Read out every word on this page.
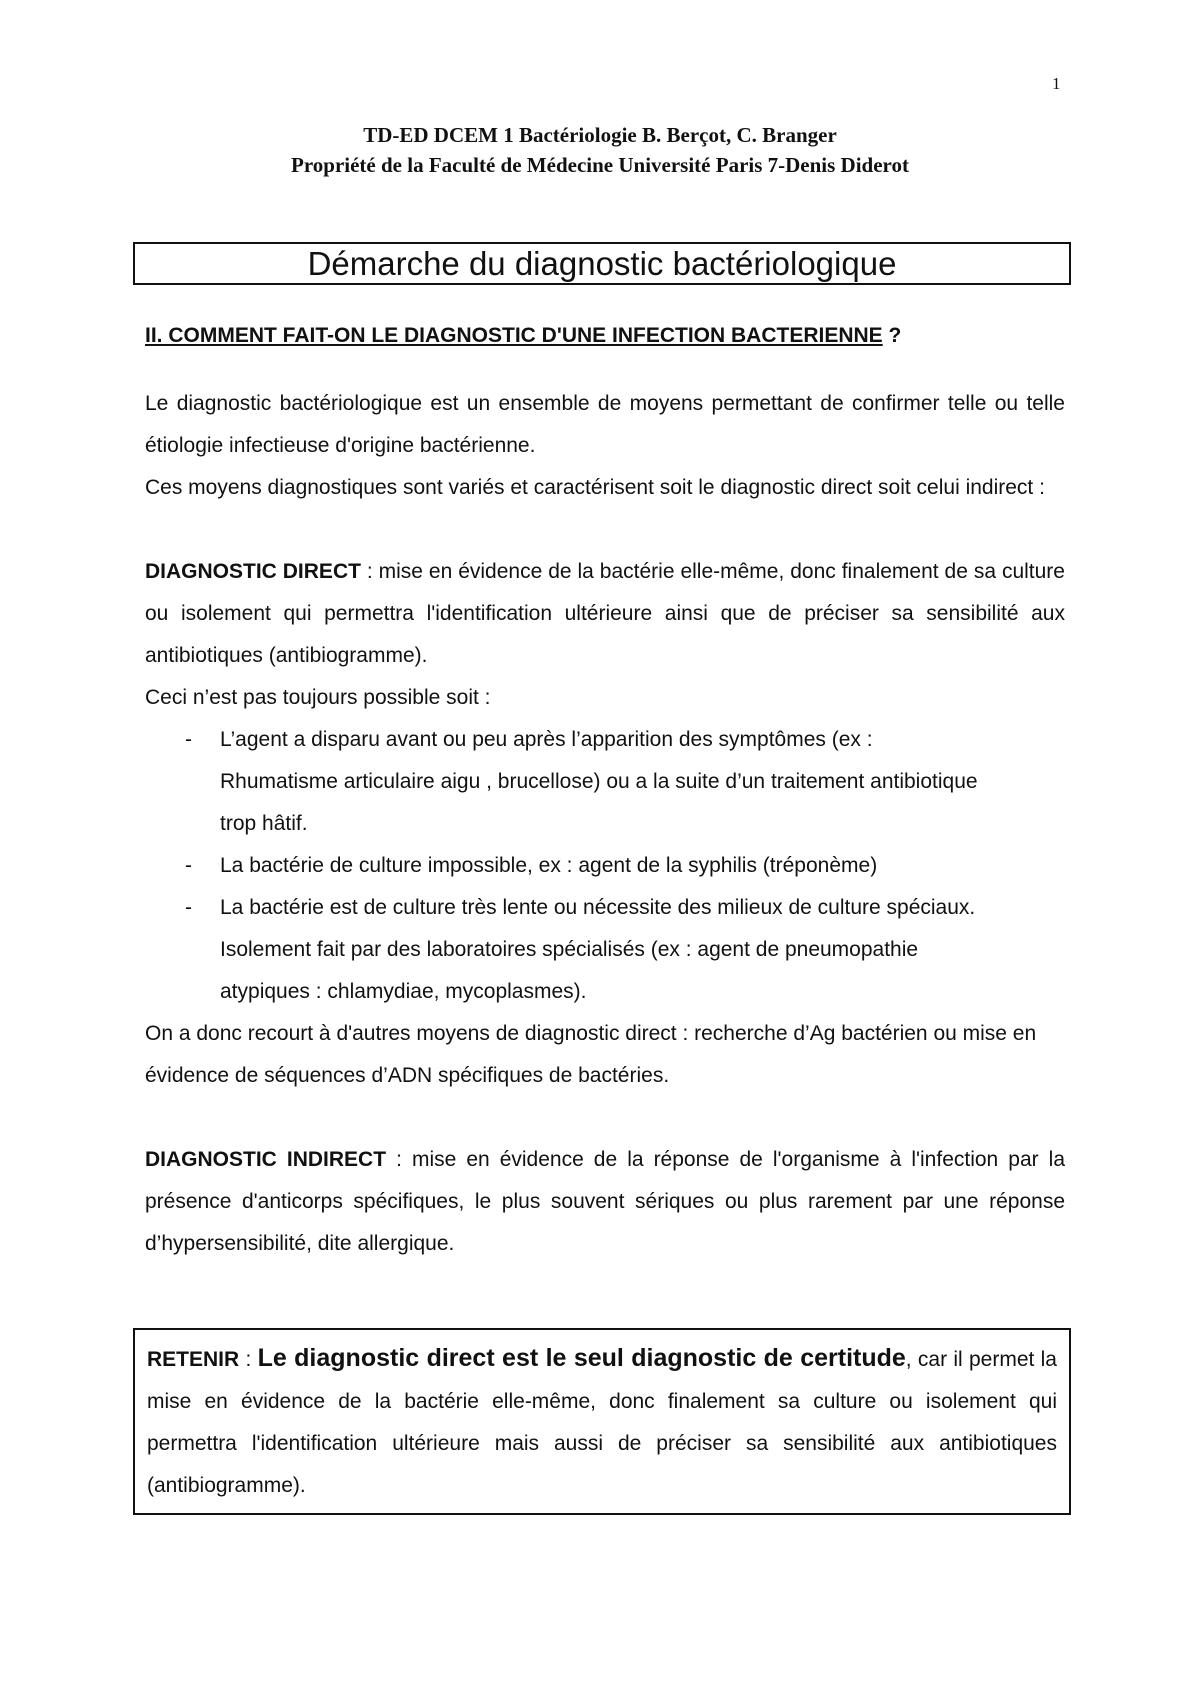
1
TD-ED DCEM 1 Bactériologie B. Berçot, C. Branger
Propriété de la Faculté de Médecine Université Paris 7-Denis Diderot
Démarche du diagnostic bactériologique
II. COMMENT FAIT-ON LE DIAGNOSTIC D'UNE INFECTION BACTERIENNE ?

Le diagnostic bactériologique est un ensemble de moyens permettant de confirmer telle ou telle étiologie infectieuse d'origine bactérienne.

Ces moyens diagnostiques sont variés et caractérisent soit le diagnostic direct soit celui indirect :

DIAGNOSTIC DIRECT : mise en évidence de la bactérie elle-même, donc finalement de sa culture ou isolement qui permettra l'identification ultérieure ainsi que de préciser sa sensibilité aux antibiotiques (antibiogramme).

Ceci n’est pas toujours possible soit :

-	L’agent a disparu avant ou peu après l’apparition des symptômes (ex : Rhumatisme articulaire aigu , brucellose) ou a la suite d’un traitement antibiotique trop hâtif.
-	La bactérie de culture impossible, ex : agent de la syphilis (tréponème)
-	La bactérie est de culture très lente ou nécessite des milieux de culture spéciaux. Isolement fait par des laboratoires spécialisés (ex : agent de pneumopathie atypiques : chlamydiae, mycoplasmes).

On a donc recourt à d'autres moyens de diagnostic direct : recherche d’Ag bactérien ou mise en évidence de séquences d’ADN spécifiques de bactéries.

DIAGNOSTIC INDIRECT : mise en évidence de la réponse de l'organisme à l'infection par la présence d'anticorps spécifiques, le plus souvent sériques ou plus rarement par une réponse d’hypersensibilité, dite allergique.

RETENIR : Le diagnostic direct est le seul diagnostic de certitude, car il permet la mise en évidence de la bactérie elle-même, donc finalement sa culture ou isolement qui permettra l'identification ultérieure mais aussi de préciser sa sensibilité aux antibiotiques (antibiogramme).
